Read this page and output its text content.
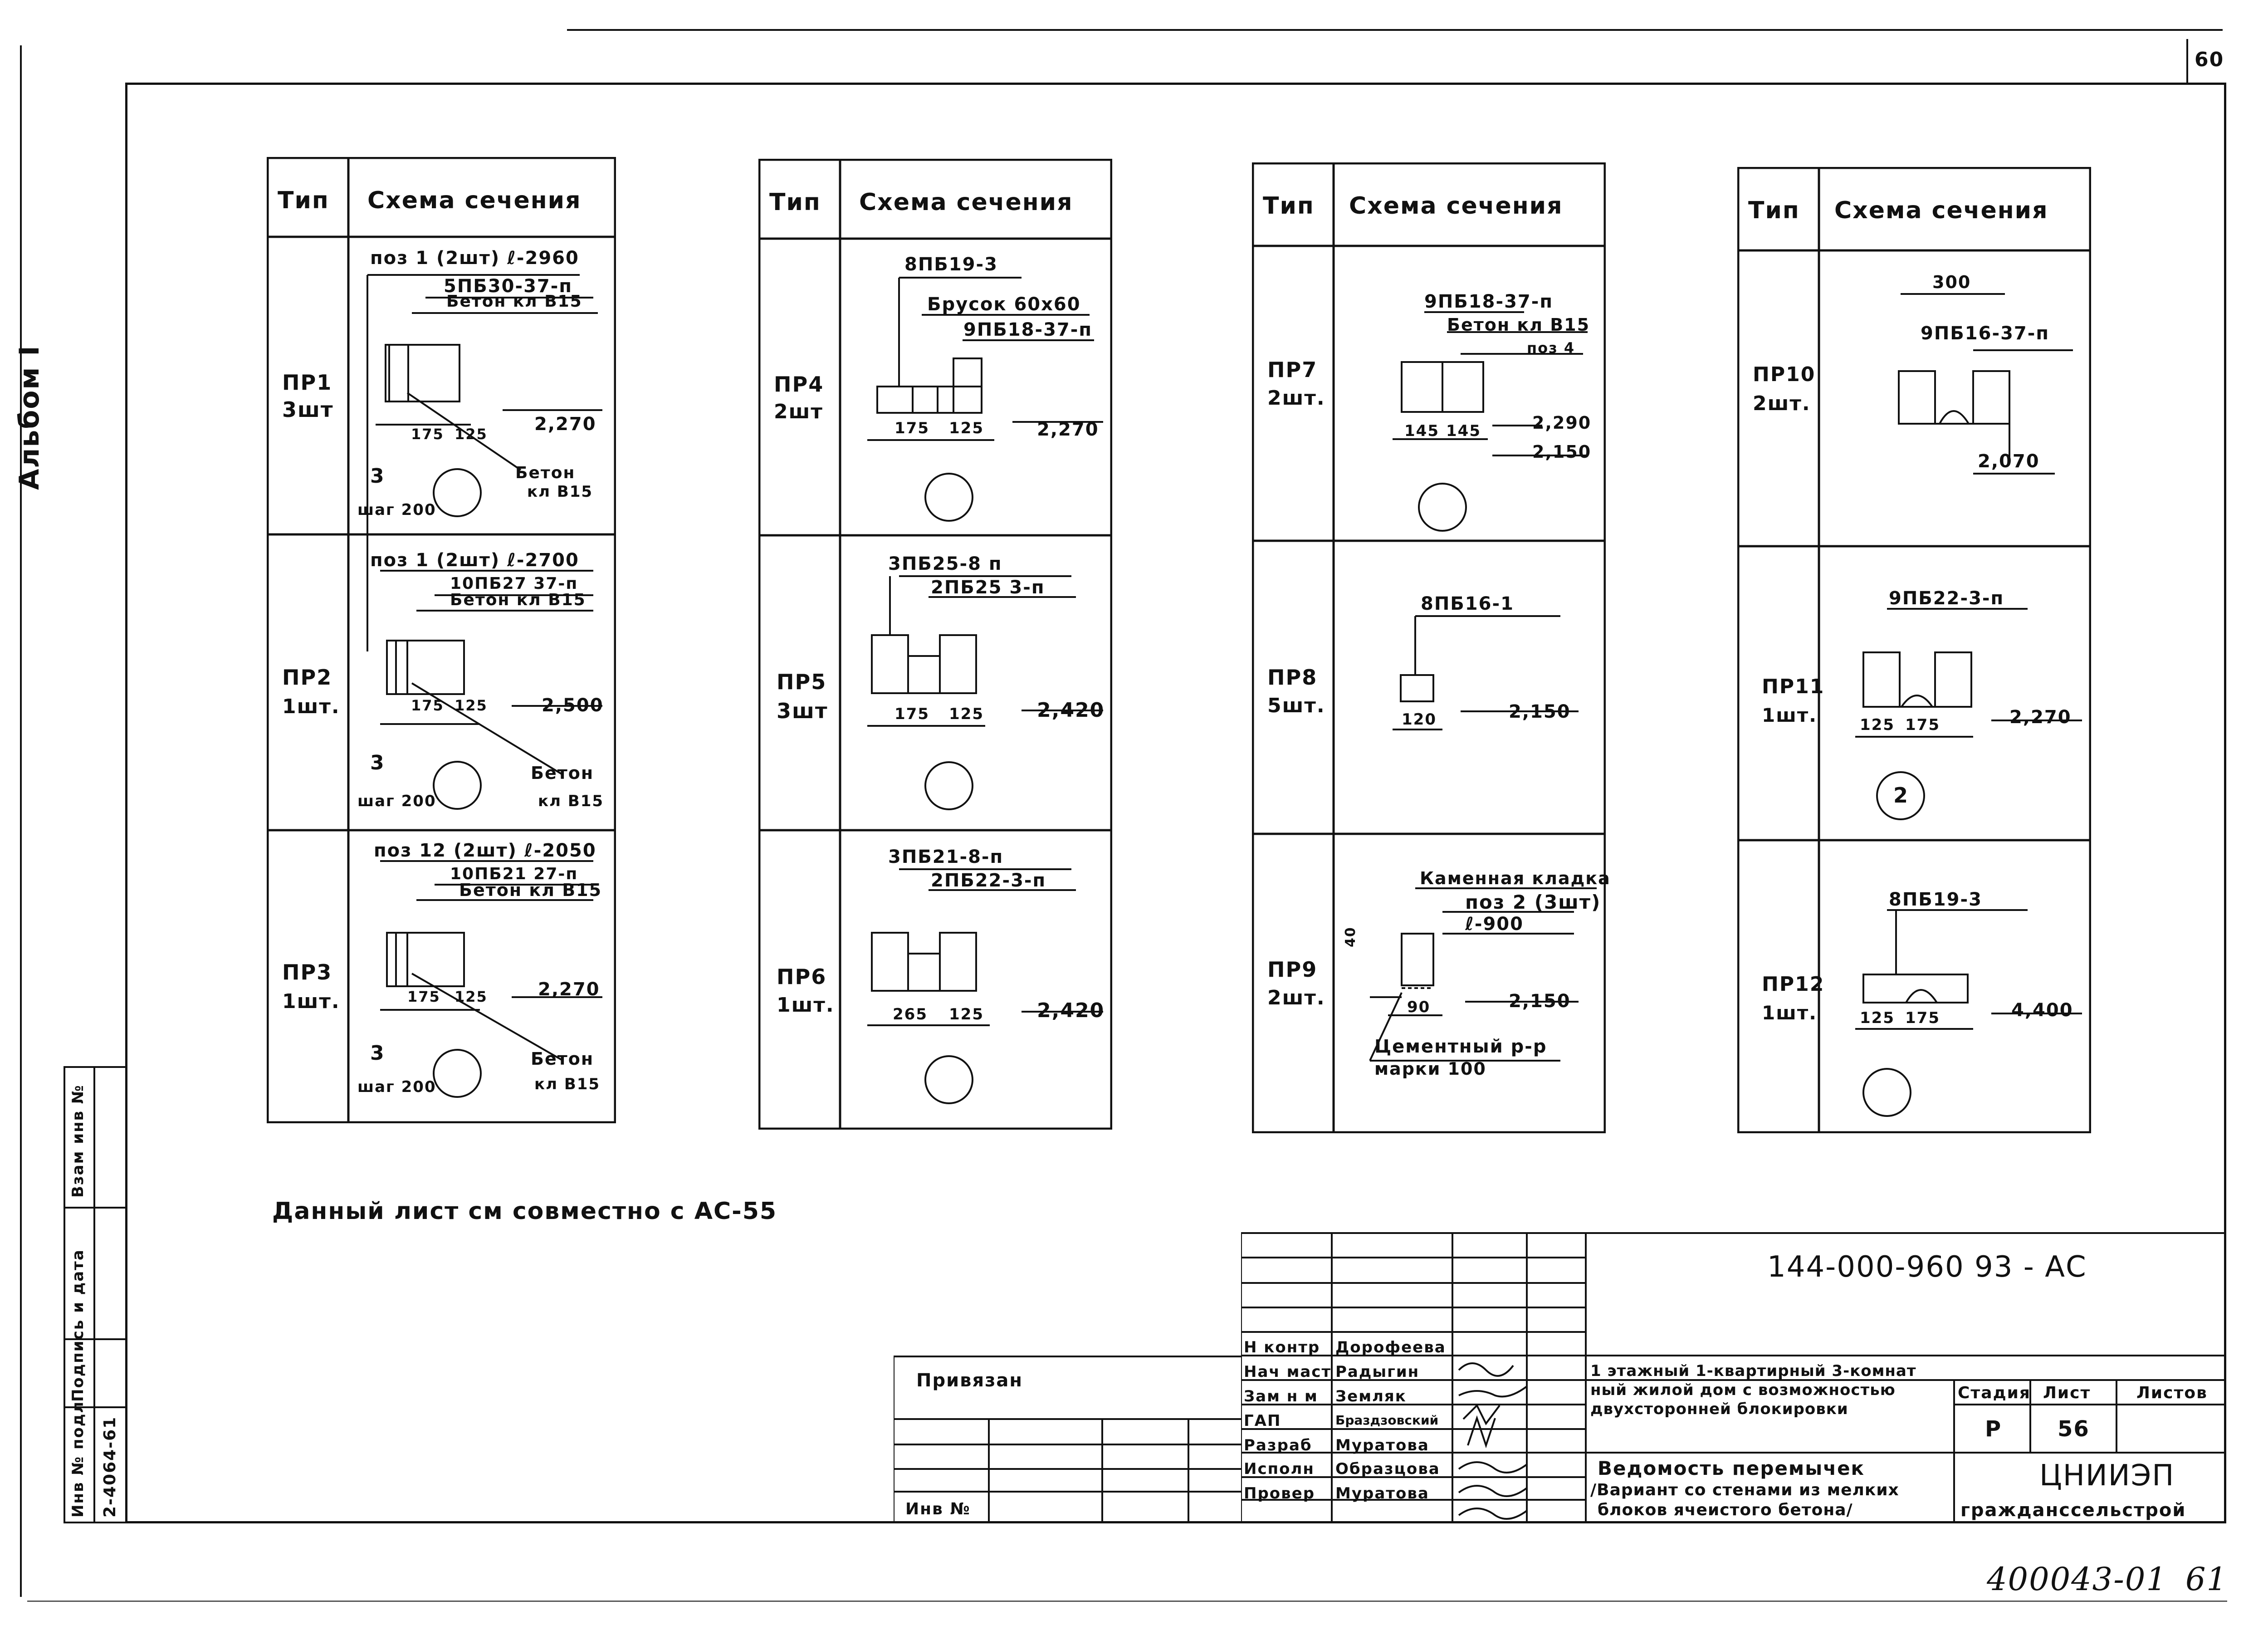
60
Альбом I
Взам инв №
Подпись и дата
Инв № подл 2-4064-61
Тип Схема сечения
ПР1
3шт
поз 1 (2шт) ℓ-2960
5ПБ30-37-п
Бетон кл В15
175 125	2,270
3
шаг 200
Бетон
кл В15
ПР2
1шт.
поз 1 (2шт) ℓ-2700
10ПБ27 37-п
Бетон кл В15
175 125	2,500
3
шаг 200
Бетон
кл В15
ПР3
1шт.
поз 12 (2шт) ℓ-2050
10ПБ21 27-п
Бетон кл В15
175 125	2,270
3
шаг 200
Бетон
кл В15
Тип Схема сечения
ПР4
2шт
8ПБ19-3
Брусок 60х60
9ПБ18-37-п
175 125	2,270
ПР5
3шт
3ПБ25-8 п
2ПБ25 3-п
175 125	2,420
ПР6
1шт.
3ПБ21-8-п
2ПБ22-3-п
265 125	2,420
Тип Схема сечения
ПР7
2шт.
9ПБ18-37-п
Бетон кл В15
поз 4
145 145	2,290
2,150
ПР8
5шт.
8ПБ16-1
120	2,150
ПР9
2шт.
Каменная кладка
поз 2 (3шт)
ℓ-900
Цементный р-р
марки 100
90
40
2,150
Тип Схема сечения
ПР10
2шт.
9ПБ16-37-п
300
2,070
ПР11
1шт.
9ПБ22-3-п
125 175	2,270
2
ПР12
1шт.
8ПБ19-3
125 175	4,400
Данный лист см совместно с АС-55
144-000-960 93 - АС
Н контр Дорофеева
Нач маст Радыгин
Зам н м Земляк
ГАП	Браздзовский
Разраб Муратова
Исполн Образцова
Провер Муратова
1 этажный 1-квартирный 3-комнат
ный жилой дом с возможностью
двухсторонней блокировки
Ведомость перемычек
/Вариант со стенами из мелких
блоков ячеистого бетона/
Стадия Лист	Листов
Р	56
ЦНИИЭП
гражданссельстрой
Привязан
Инв №
400043-01 61
